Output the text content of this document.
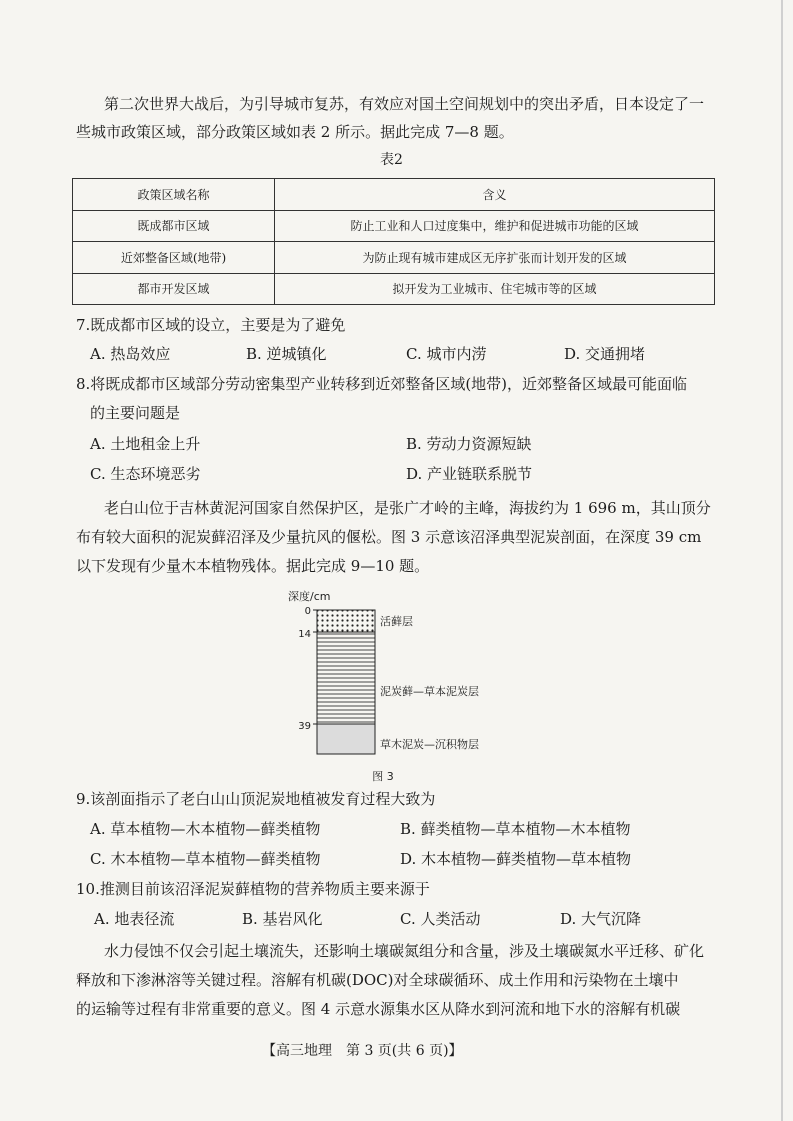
第二次世界大战后，为引导城市复苏，有效应对国土空间规划中的突出矛盾，日本设定了一
些城市政策区域，部分政策区域如表 2 所示。据此完成 7—8 题。
表2
政策区域名称	含义
既成都市区域	防止工业和人口过度集中，维护和促进城市功能的区域
近郊整备区域(地带)	为防止现有城市建成区无序扩张而计划开发的区域
都市开发区域	拟开发为工业城市、住宅城市等的区域
7.既成都市区域的设立，主要是为了避免
A. 热岛效应	B. 逆城镇化	C. 城市内涝	D. 交通拥堵
8.将既成都市区域部分劳动密集型产业转移到近郊整备区域(地带)，近郊整备区域最可能面临
的主要问题是
A. 土地租金上升	B. 劳动力资源短缺
C. 生态环境恶劣	D. 产业链联系脱节
老白山位于吉林黄泥河国家自然保护区，是张广才岭的主峰，海拔约为 1 696 m，其山顶分
布有较大面积的泥炭藓沼泽及少量抗风的偃松。图 3 示意该沼泽典型泥炭剖面，在深度 39 cm
以下发现有少量木本植物残体。据此完成 9—10 题。
深度/cm
0
14
39
活藓层
泥炭藓—草本泥炭层
草木泥炭—沉积物层
图 3
9.该剖面指示了老白山山顶泥炭地植被发育过程大致为
A. 草本植物—木本植物—藓类植物	B. 藓类植物—草本植物—木本植物
C. 木本植物—草本植物—藓类植物	D. 木本植物—藓类植物—草本植物
10.推测目前该沼泽泥炭藓植物的营养物质主要来源于
A. 地表径流	B. 基岩风化	C. 人类活动	D. 大气沉降
水力侵蚀不仅会引起土壤流失，还影响土壤碳氮组分和含量，涉及土壤碳氮水平迁移、矿化
释放和下渗淋溶等关键过程。溶解有机碳(DOC)对全球碳循环、成土作用和污染物在土壤中
的运输等过程有非常重要的意义。图 4 示意水源集水区从降水到河流和地下水的溶解有机碳
【高三地理　第 3 页(共 6 页)】
